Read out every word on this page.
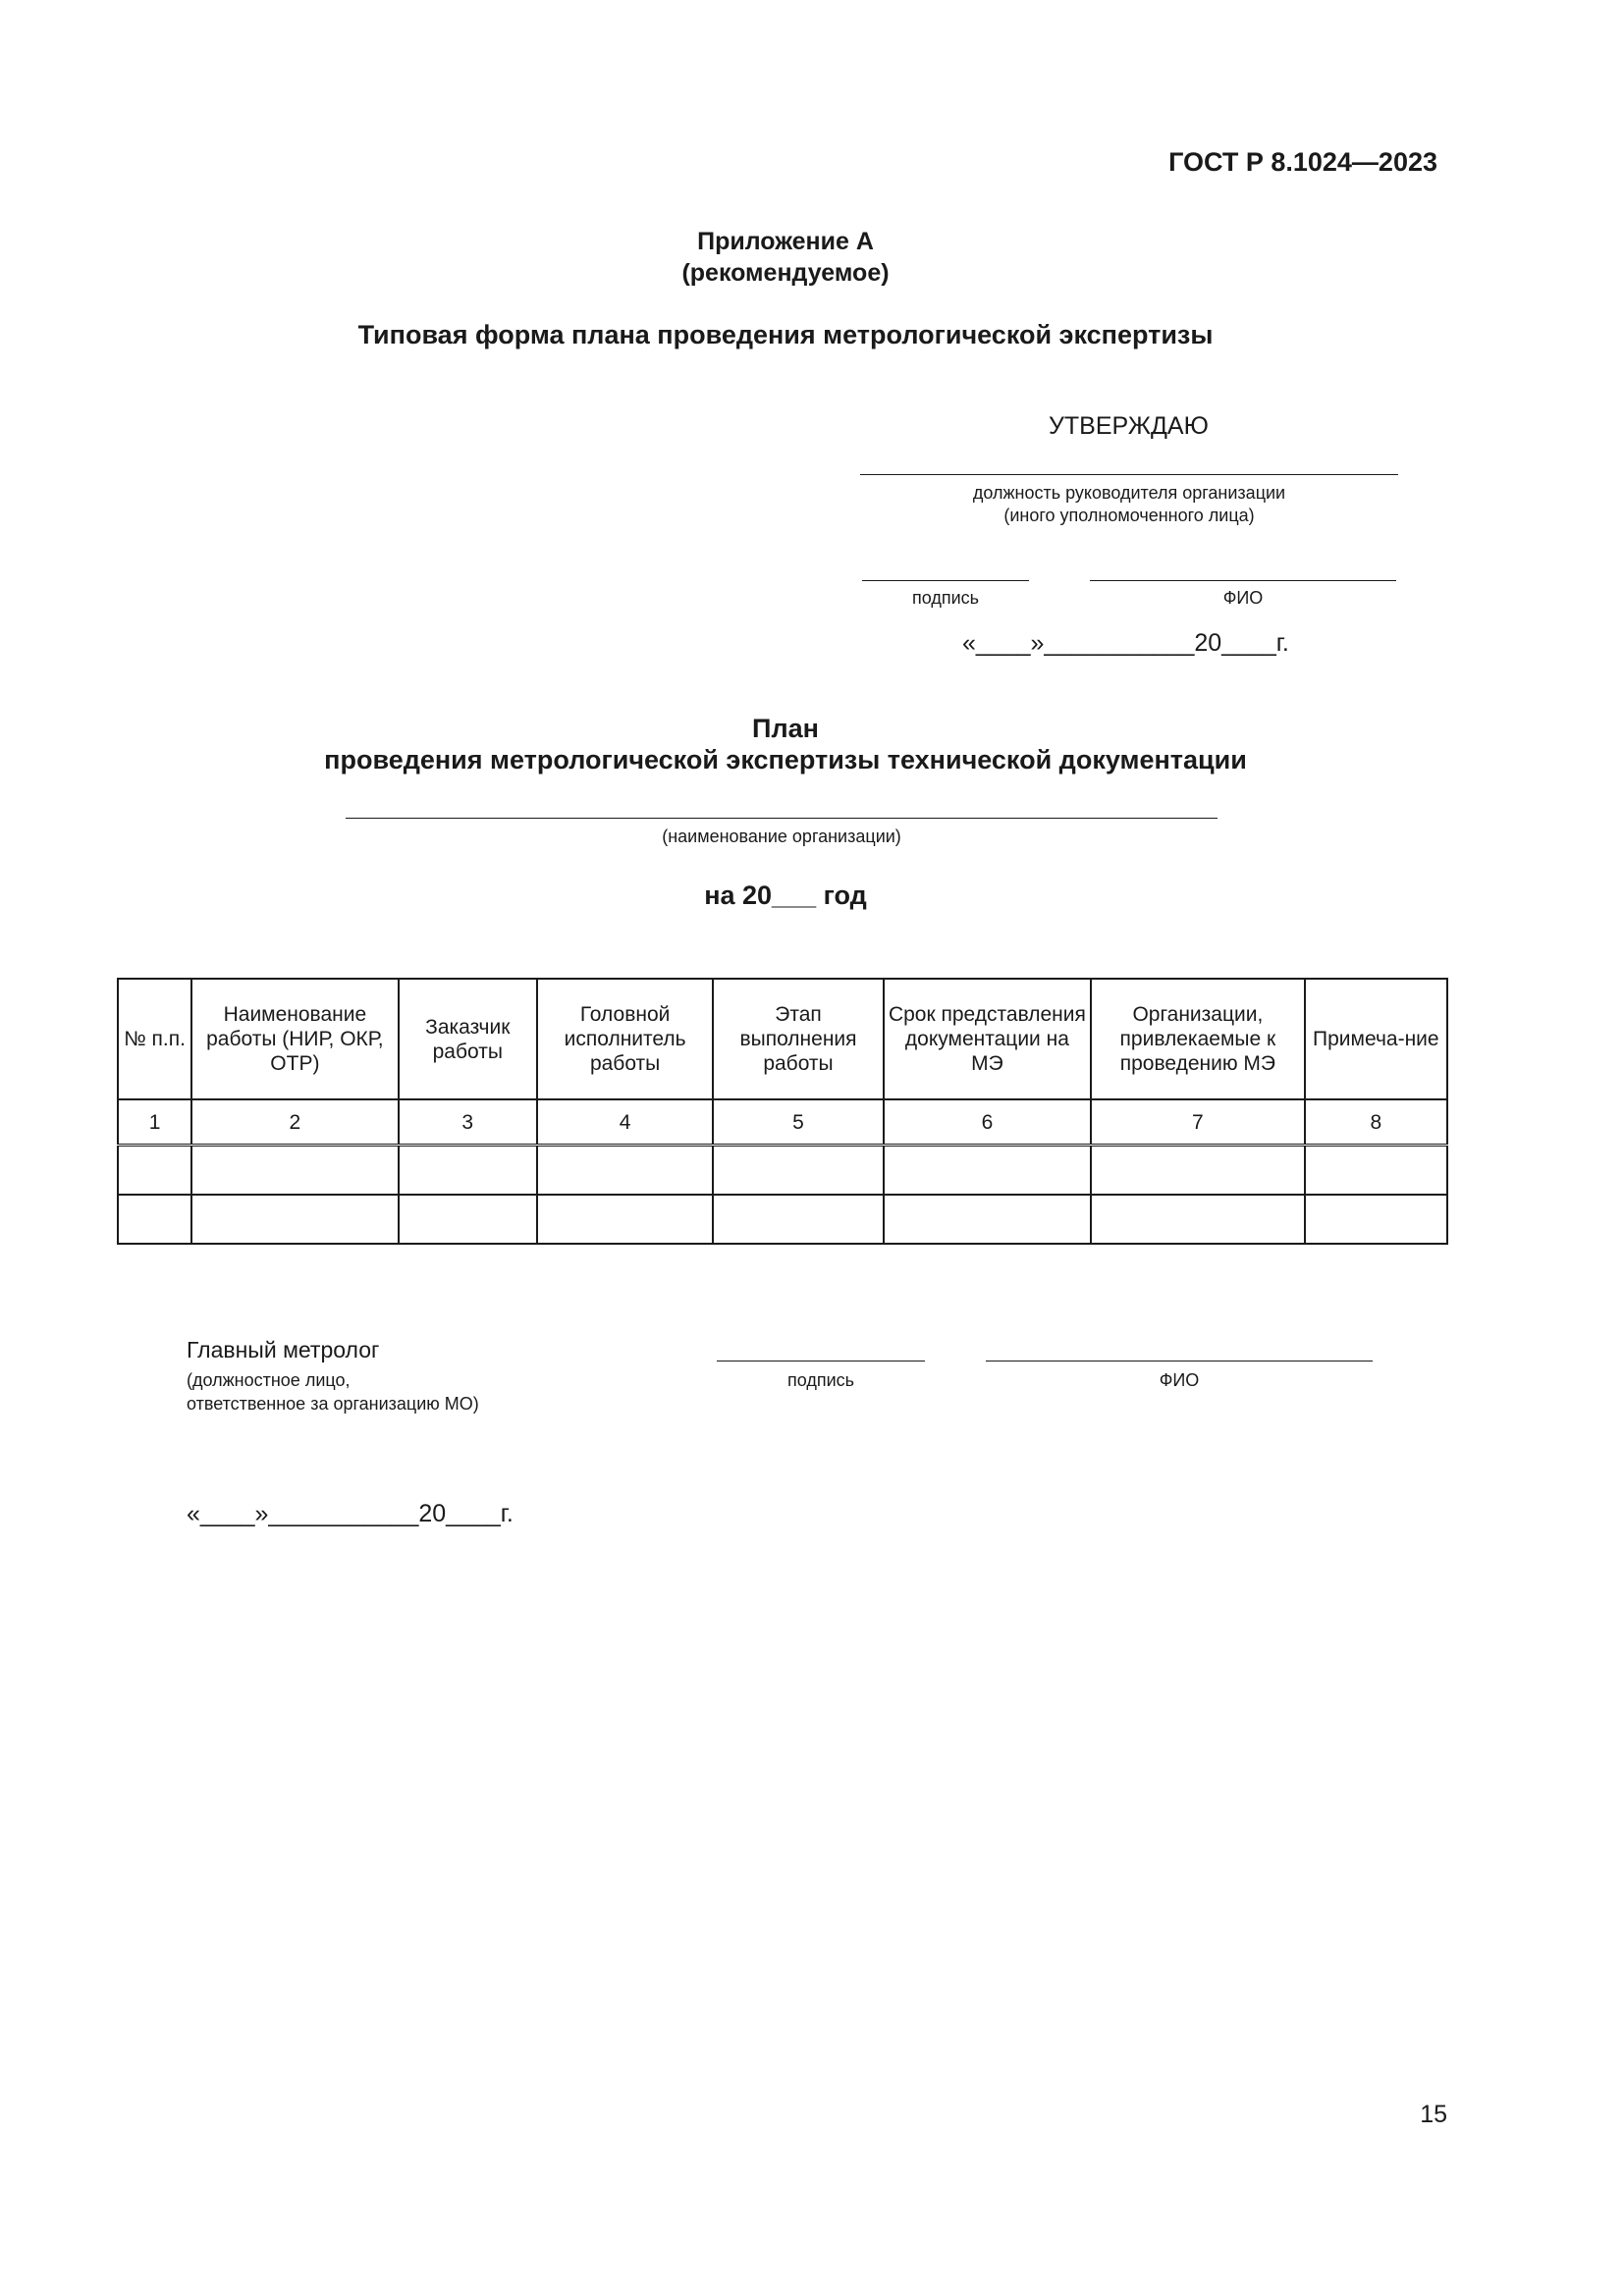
ГОСТ Р 8.1024—2023
Приложение А
(рекомендуемое)
Типовая форма плана проведения метрологической экспертизы
УТВЕРЖДАЮ
должность руководителя организации
(иного уполномоченного лица)
подпись	ФИО
«____»___________20____г.
План
проведения метрологической экспертизы технической документации
(наименование организации)
на 20___ год
№ п.п.	Наименование работы (НИР, ОКР, ОТР)	Заказчик работы	Головной исполнитель работы	Этап выполнения работы	Срок представления документации на МЭ	Организации, привлекаемые к проведению МЭ	Примеча-ние
1	2	3	4	5	6	7	8

Главный метролог
(должностное лицо,
ответственное за организацию МО)
подпись	ФИО
«____»___________20____г.
15
